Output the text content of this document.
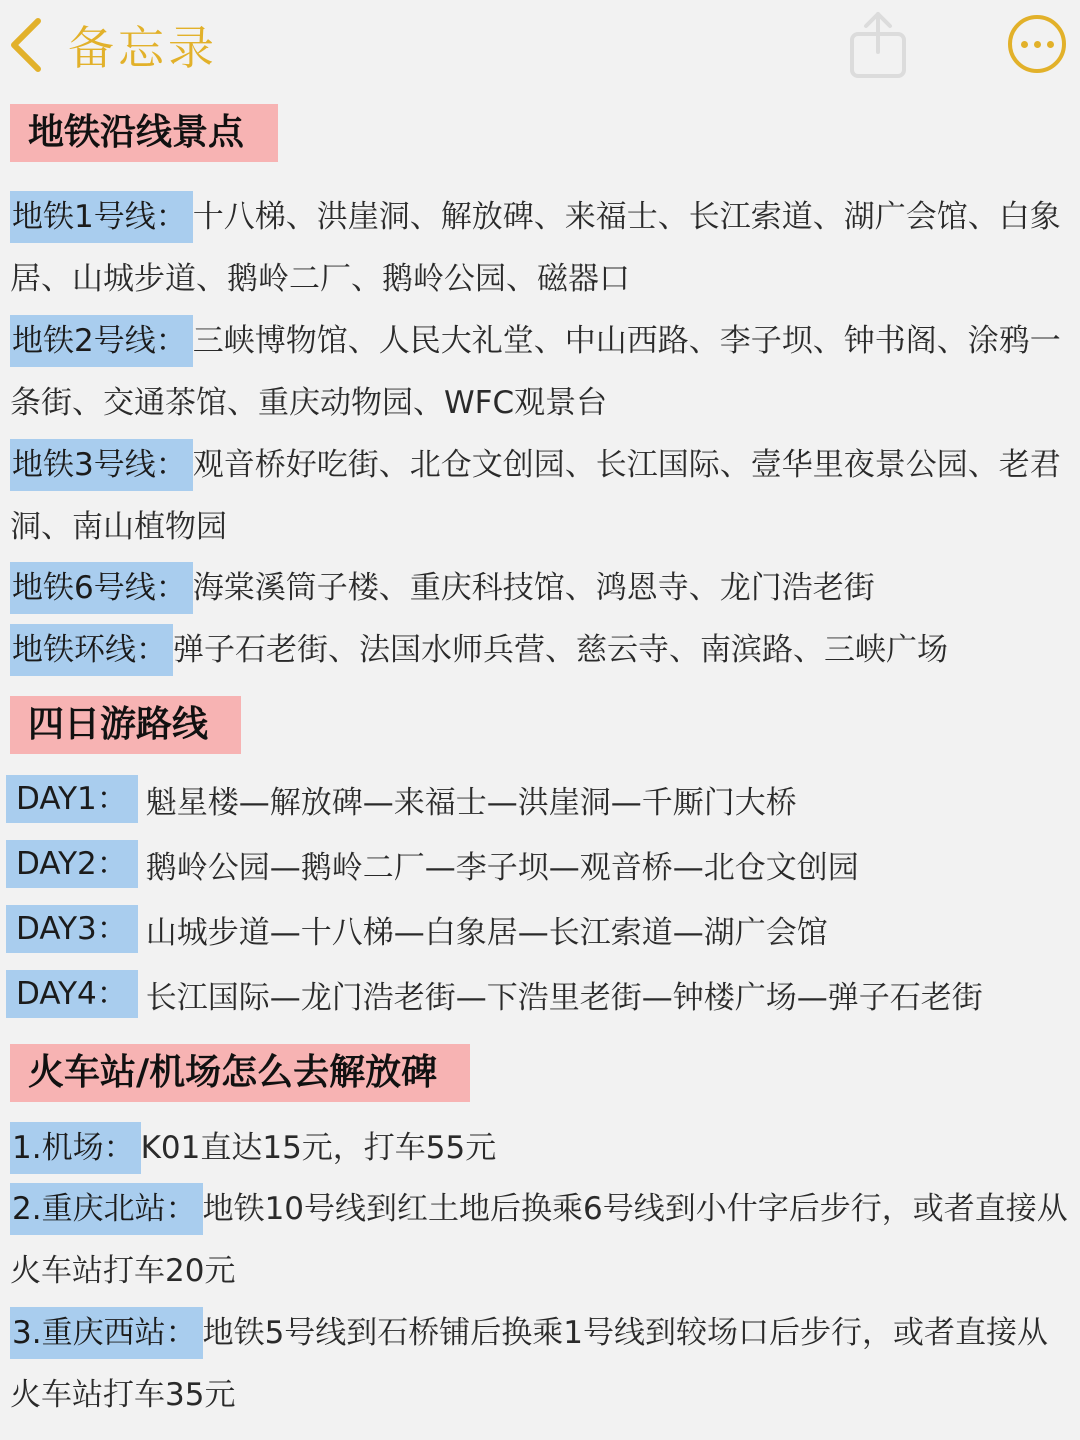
备忘录
地铁沿线景点

地铁1号线： 十八梯、洪崖洞、解放碑、来福士、长江索道、湖广会馆、白象居、山城步道、鹅岭二厂、鹅岭公园、磁器口

地铁2号线： 三峡博物馆、人民大礼堂、中山西路、李子坝、钟书阁、涂鸦一条街、交通茶馆、重庆动物园、WFC观景台

地铁3号线： 观音桥好吃街、北仓文创园、长江国际、壹华里夜景公园、老君洞、南山植物园

地铁6号线： 海棠溪筒子楼、重庆科技馆、鸿恩寺、龙门浩老街

地铁环线： 弹子石老街、法国水师兵营、慈云寺、南滨路、三峡广场

四日游路线
DAY1： 魁星楼—解放碑—来福士—洪崖洞—千厮门大桥
DAY2： 鹅岭公园—鹅岭二厂—李子坝—观音桥—北仓文创园
DAY3： 山城步道—十八梯—白象居—长江索道—湖广会馆
DAY4： 长江国际—龙门浩老街—下浩里老街—钟楼广场—弹子石老街
火车站/机场怎么去解放碑

1.机场： K01直达15元，打车55元

2.重庆北站： 地铁10号线到红土地后换乘6号线到小什字后步行，或者直接从火车站打车20元

3.重庆西站： 地铁5号线到石桥铺后换乘1号线到较场口后步行，或者直接从火车站打车35元
